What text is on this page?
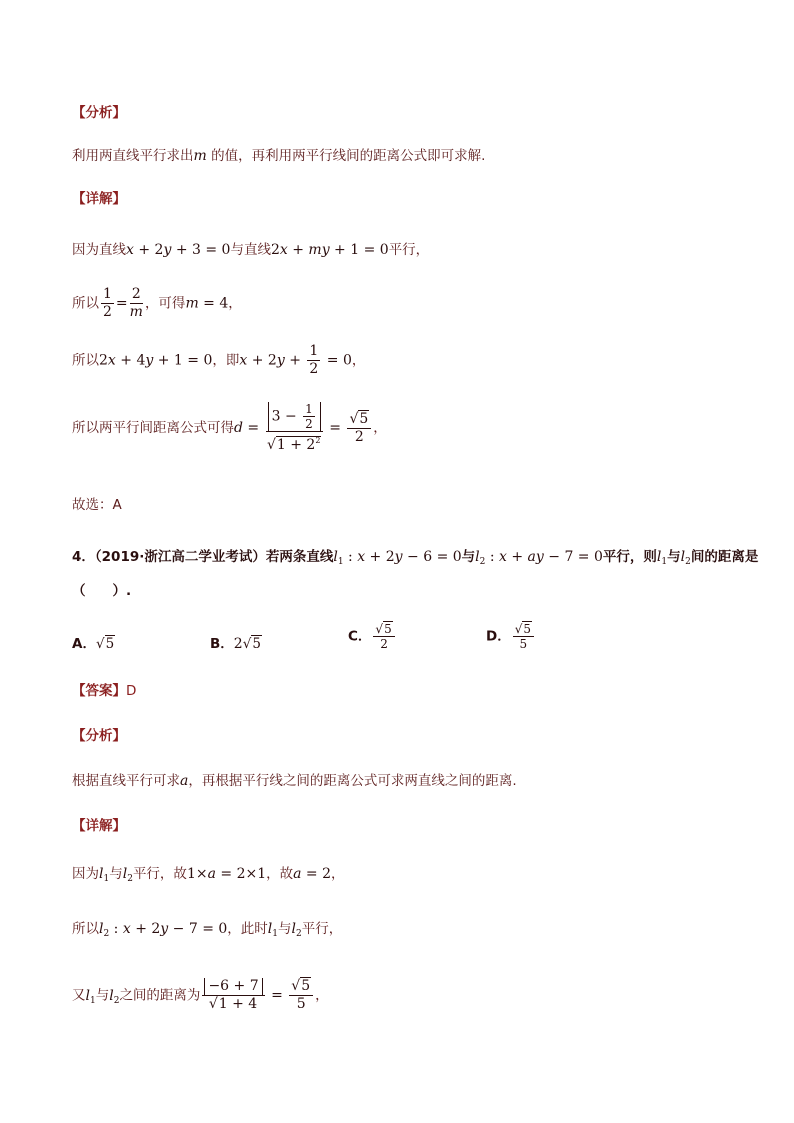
【分析】
利用两直线平行求出m 的值，再利用两平行线间的距离公式即可求解.
【详解】
因为直线x + 2y + 3 = 0与直线2x + my + 1 = 0平行，
所以 $\frac{1}{2} = \frac{2}{m}$ ，可得m = 4，
所以2x + 4y + 1 = 0，即$x + 2y + \frac{1}{2} = 0$，
所以两平行间距离公式可得$d = \frac{3 - \frac{1}{2}}{√1 + 2^2} = \frac{√5}{2}$ ，
故选：A
4．（2019·浙江高二学业考试）若两条直线$l_1$ : x + 2y − 6 = 0与$l_2$ : x + ay − 7 = 0平行，则$l_1$与$l_2$间的距离是
（　　）.
A．√5	B．2√5	C． $\frac{√5}{2}$	D． $\frac{√5}{5}$
【答案】D
【分析】
根据直线平行可求a，再根据平行线之间的距离公式可求两直线之间的距离.
【详解】
因为$l_1$与$l_2$平行，故1×a = 2×1，故a = 2，
所以$l_2$ : x + 2y − 7 = 0，此时$l_1$与$l_2$平行，
又$l_1$与$l_2$之间的距离为 $\frac{-6 + 7}{√1 + 4} = \frac{√5}{5}$ ，
